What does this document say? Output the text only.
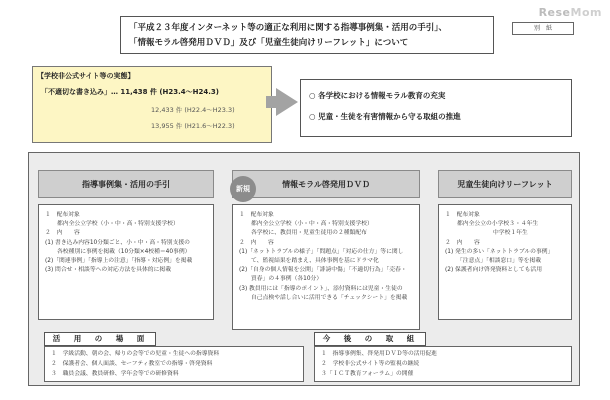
ReseMom
「平成２３年度インターネット等の適正な利用に関する指導事例集・活用の手引」、
「情報モラル啓発用ＤＶＤ」及び「児童生徒向けリーフレット」について
別　紙
【学校非公式サイト等の実態】
「不適切な書き込み」… 11,438 件 (H23.4〜H24.3)
12,433 件 (H22.4〜H23.3)
13,955 件 (H21.6〜H22.3)
○ 各学校における情報モラル教育の充実
○ 児童・生徒を有害情報から守る取組の推進
指導事例集・活用の手引
１　配布対象
都内全公立学校（小・中・高・特別支援学校）
２　内　　容
(1) 書き込み内容10分類ごと、小・中・高・特別支援の
各校種別に事例を掲載（10分類×4校種＝40事例）
(2)「関連事例」「指導上の注意」「指導・対応例」を掲載
(3) 問合せ・相談等への対応方法を具体的に掲載
情報モラル啓発用ＤＶＤ
新規
１　配布対象
都内全公立学校（小・中・高・特別支援学校）
各学校に、教員用・児童生徒用の２種類配布
２　内　　容
(1)「ネットトラブルの様子」「問題点」「対応の仕方」等に関し
て、監視結果を踏まえ、具体事例を基にドラマ化
(2)「自身の個人情報を公開」「誹謗中傷」「不適切行為」「売春・
買春」の４事例（各10分）
(3) 教員用には「指導のポイント」、添付資料には児童・生徒の
自己点検や話し合いに活用できる「チェックシート」を掲載
児童生徒向けリーフレット
１　配布対象
都内全公立の小学校３・４年生
中学校１年生
２　内　　容
(1) 発生の多い「ネットトラブルの事例」
「注意点」「相談窓口」等を掲載
(2) 保護者向け啓発資料としても活用
活　用　の　場　面
１　学級活動、朝の会、帰りの会等での児童・生徒への指導資料
２　保護者会、個人面談、セーフティ教室での指導・啓発資料
３　職員会議、教員研修、学年会等での研修資料
今　後　の　取　組
１　指導事例集、啓発用ＤＶＤ等の活用促進
２　学校非公式サイト等の監視の継続
３「ＩＣＴ教育フォーラム」の開催
